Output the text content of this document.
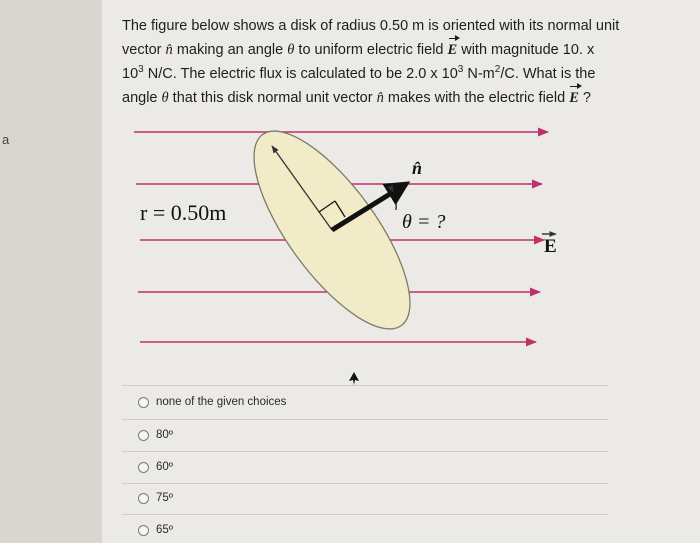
a
The figure below shows a disk of radius 0.50 m is oriented with its normal unit
vector n̂ making an angle θ to uniform electric field E with magnitude 10. x
$10^3$ N/C. The electric flux is calculated to be 2.0 x $10^3$ $N-m^2/C$. What is the
angle θ that this disk normal unit vector n̂ makes with the electric field E ?
r = 0.50m
n̂
θ = ?
E
none of the given choices
80º
60º
75º
65º
